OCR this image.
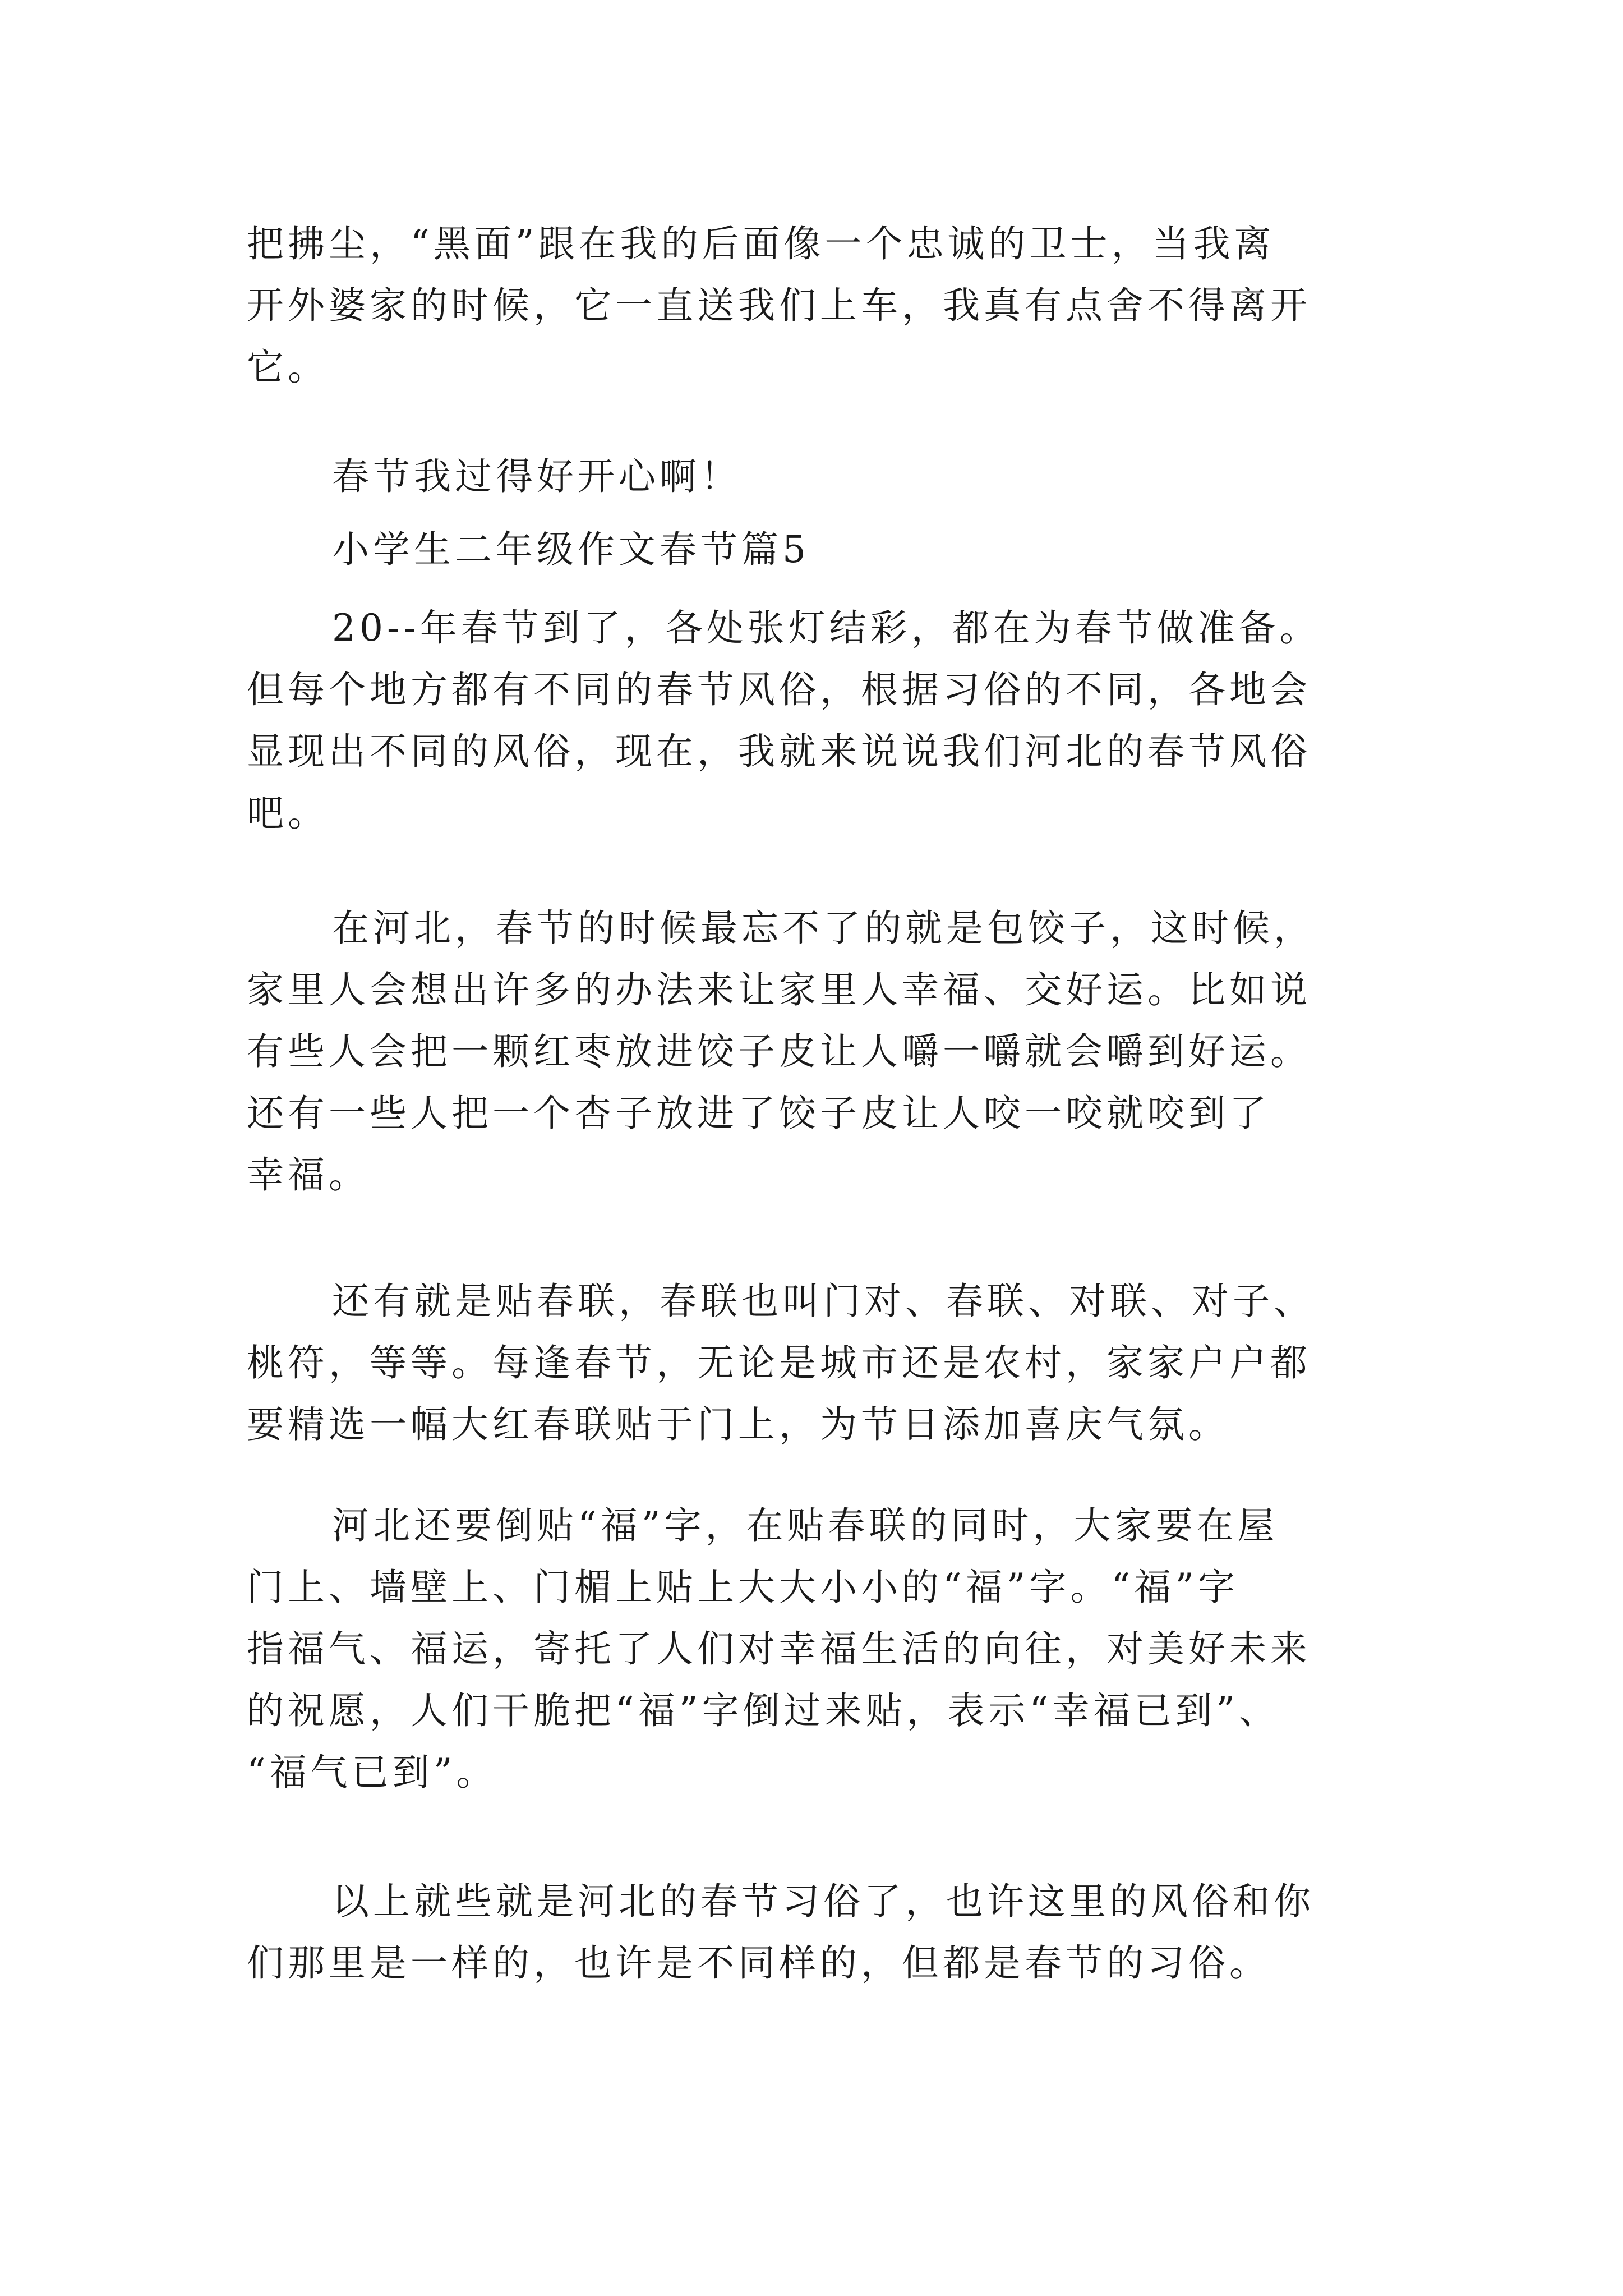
把拂尘，“黑面”跟在我的后面像一个忠诚的卫士，当我离
开外婆家的时候，它一直送我们上车，我真有点舍不得离开
它。
春节我过得好开心啊！
小学生二年级作文春节篇5
20--年春节到了，各处张灯结彩，都在为春节做准备。
但每个地方都有不同的春节风俗，根据习俗的不同，各地会
显现出不同的风俗，现在，我就来说说我们河北的春节风俗
吧。
在河北，春节的时候最忘不了的就是包饺子，这时候，
家里人会想出许多的办法来让家里人幸福、交好运。比如说
有些人会把一颗红枣放进饺子皮让人嚼一嚼就会嚼到好运。
还有一些人把一个杏子放进了饺子皮让人咬一咬就咬到了
幸福。
还有就是贴春联，春联也叫门对、春联、对联、对子、
桃符，等等。每逢春节，无论是城市还是农村，家家户户都
要精选一幅大红春联贴于门上，为节日添加喜庆气氛。
河北还要倒贴“福”字，在贴春联的同时，大家要在屋
门上、墙壁上、门楣上贴上大大小小的“福”字。“福”字
指福气、福运，寄托了人们对幸福生活的向往，对美好未来
的祝愿，人们干脆把“福”字倒过来贴，表示“幸福已到”、
“福气已到”。
以上就些就是河北的春节习俗了，也许这里的风俗和你
们那里是一样的，也许是不同样的，但都是春节的习俗。
